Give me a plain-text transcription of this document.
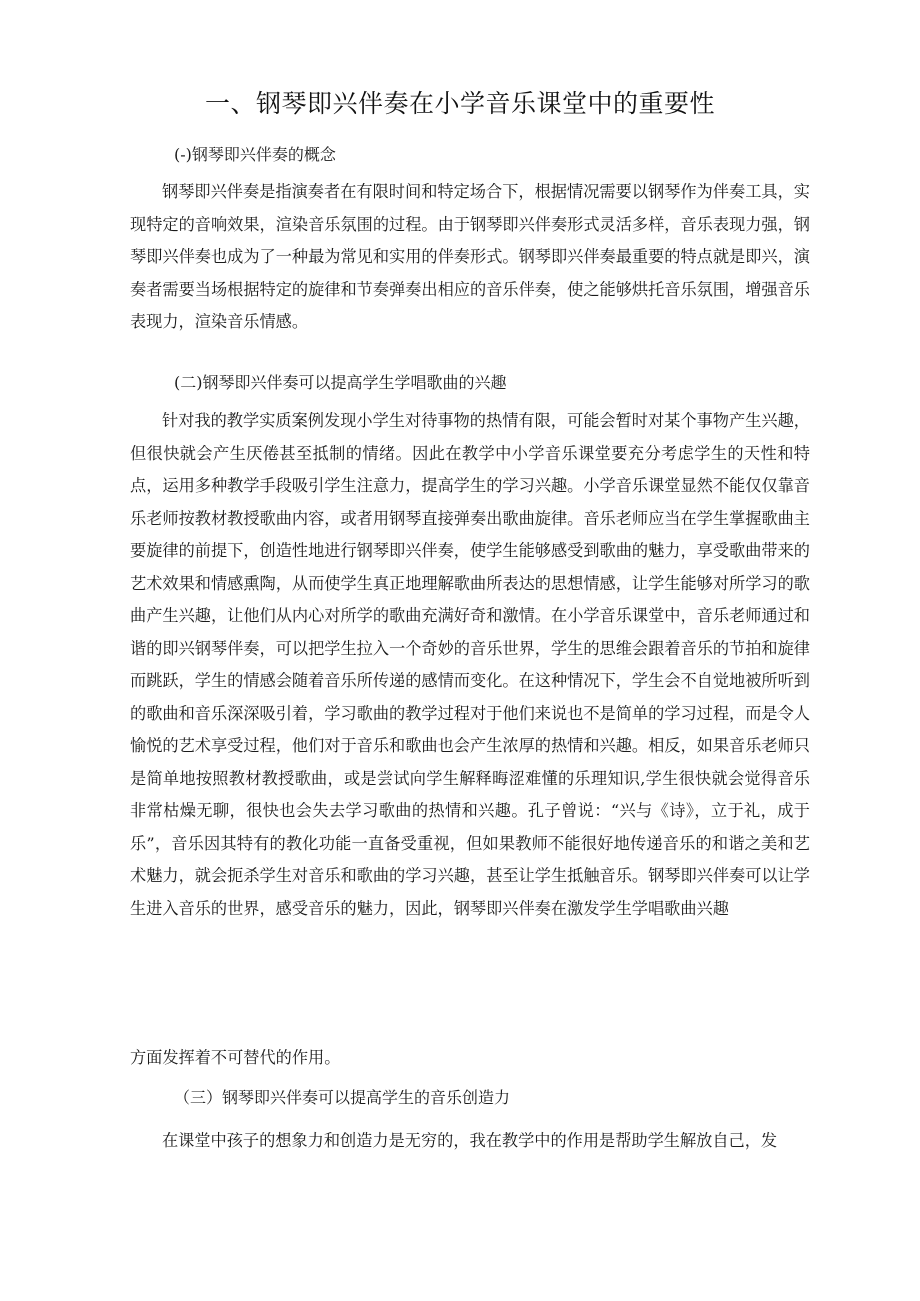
一、钢琴即兴伴奏在小学音乐课堂中的重要性
(-)钢琴即兴伴奏的概念

钢琴即兴伴奏是指演奏者在有限时间和特定场合下，根据情况需要以钢琴作为伴奏工具，实现特定的音响效果，渲染音乐氛围的过程。由于钢琴即兴伴奏形式灵活多样，音乐表现力强，钢琴即兴伴奏也成为了一种最为常见和实用的伴奏形式。钢琴即兴伴奏最重要的特点就是即兴，演奏者需要当场根据特定的旋律和节奏弹奏出相应的音乐伴奏，使之能够烘托音乐氛围，增强音乐表现力，渲染音乐情感。

(二)钢琴即兴伴奏可以提高学生学唱歌曲的兴趣

针对我的教学实质案例发现小学生对待事物的热情有限，可能会暂时对某个事物产生兴趣，但很快就会产生厌倦甚至抵制的情绪。因此在教学中小学音乐课堂要充分考虑学生的天性和特点，运用多种教学手段吸引学生注意力，提高学生的学习兴趣。小学音乐课堂显然不能仅仅靠音乐老师按教材教授歌曲内容，或者用钢琴直接弹奏出歌曲旋律。音乐老师应当在学生掌握歌曲主要旋律的前提下，创造性地进行钢琴即兴伴奏，使学生能够感受到歌曲的魅力，享受歌曲带来的艺术效果和情感熏陶，从而使学生真正地理解歌曲所表达的思想情感，让学生能够对所学习的歌曲产生兴趣，让他们从内心对所学的歌曲充满好奇和激情。在小学音乐课堂中，音乐老师通过和谐的即兴钢琴伴奏，可以把学生拉入一个奇妙的音乐世界，学生的思维会跟着音乐的节拍和旋律而跳跃，学生的情感会随着音乐所传递的感情而变化。在这种情况下，学生会不自觉地被所听到的歌曲和音乐深深吸引着，学习歌曲的教学过程对于他们来说也不是简单的学习过程，而是令人愉悦的艺术享受过程，他们对于音乐和歌曲也会产生浓厚的热情和兴趣。相反，如果音乐老师只是简单地按照教材教授歌曲，或是尝试向学生解释晦涩难懂的乐理知识,学生很快就会觉得音乐非常枯燥无聊，很快也会失去学习歌曲的热情和兴趣。孔子曾说：“兴与《诗》，立于礼，成于乐”，音乐因其特有的教化功能一直备受重视，但如果教师不能很好地传递音乐的和谐之美和艺术魅力，就会扼杀学生对音乐和歌曲的学习兴趣，甚至让学生抵触音乐。钢琴即兴伴奏可以让学生进入音乐的世界，感受音乐的魅力，因此，钢琴即兴伴奏在激发学生学唱歌曲兴趣

方面发挥着不可替代的作用。

（三）钢琴即兴伴奏可以提高学生的音乐创造力

在课堂中孩子的想象力和创造力是无穷的，我在教学中的作用是帮助学生解放自己，发
